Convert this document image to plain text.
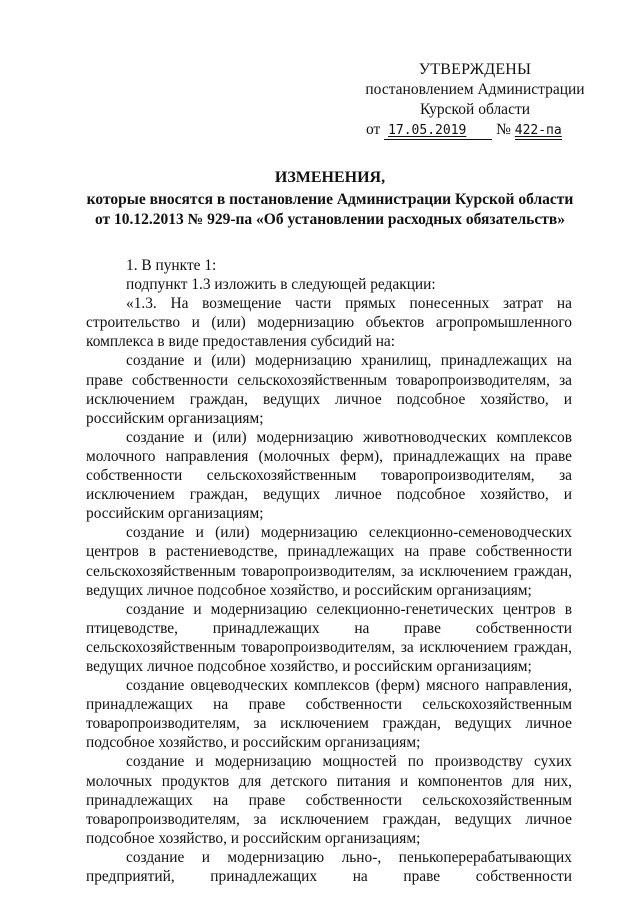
УТВЕРЖДЕНЫ
постановлением Администрации
Курской области
от 17.05.2019 № 422-па
ИЗМЕНЕНИЯ,
которые вносятся в постановление Администрации Курской области
от 10.12.2013 № 929-па «Об установлении расходных обязательств»

1. В пункте 1:

подпункт 1.3 изложить в следующей редакции:

«1.3. На возмещение части прямых понесенных затрат на строительство и (или) модернизацию объектов агропромышленного комплекса в виде предоставления субсидий на:

создание и (или) модернизацию хранилищ, принадлежащих на праве собственности сельскохозяйственным товаропроизводителям, за исключением граждан, ведущих личное подсобное хозяйство, и российским организациям;

создание и (или) модернизацию животноводческих комплексов молочного направления (молочных ферм), принадлежащих на праве собственности сельскохозяйственным товаропроизводителям, за исключением граждан, ведущих личное подсобное хозяйство, и российским организациям;

создание и (или) модернизацию селекционно-семеноводческих центров в растениеводстве, принадлежащих на праве собственности сельскохозяйственным товаропроизводителям, за исключением граждан, ведущих личное подсобное хозяйство, и российским организациям;

создание и модернизацию селекционно-генетических центров в птицеводстве, принадлежащих на праве собственности сельскохозяйственным товаропроизводителям, за исключением граждан, ведущих личное подсобное хозяйство, и российским организациям;

создание овцеводческих комплексов (ферм) мясного направления, принадлежащих на праве собственности сельскохозяйственным товаропроизводителям, за исключением граждан, ведущих личное подсобное хозяйство, и российским организациям;

создание и модернизацию мощностей по производству сухих молочных продуктов для детского питания и компонентов для них, принадлежащих на праве собственности сельскохозяйственным товаропроизводителям, за исключением граждан, ведущих личное подсобное хозяйство, и российским организациям;

создание и модернизацию льно-, пенькоперерабатывающих предприятий, принадлежащих на праве собственности
